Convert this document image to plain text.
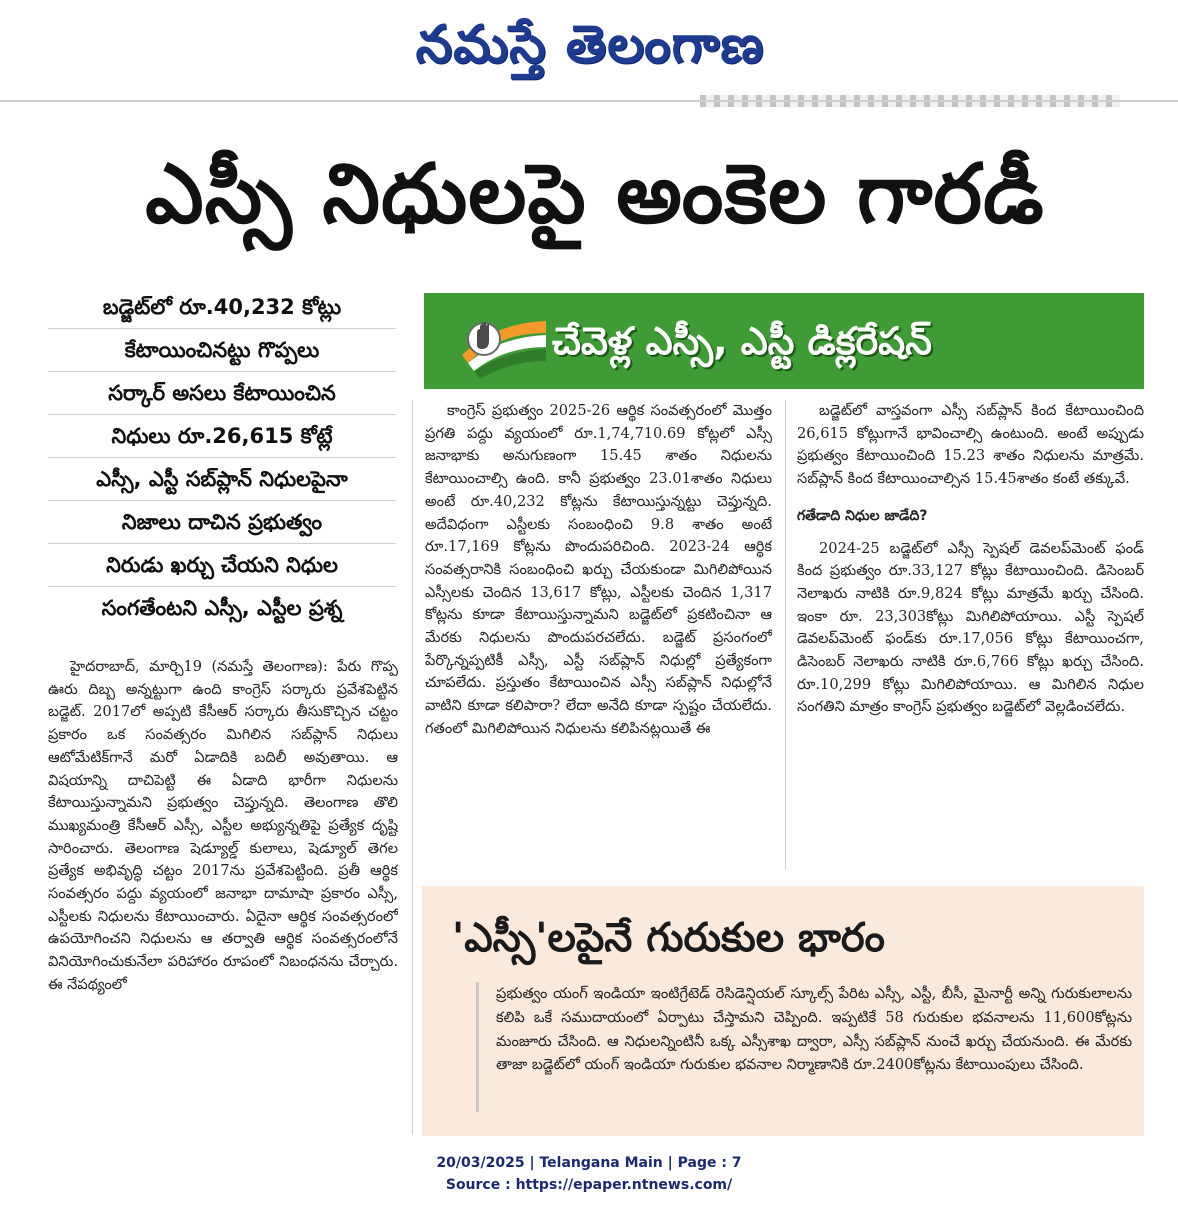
నమస్తే తెలంగాణ
ఎస్సీ నిధులపై అంకెల గారడీ
బడ్జెట్‌లో రూ.40,232 కోట్లు
కేటాయించినట్టు గొప్పలు
సర్కార్ అసలు కేటాయించిన
నిధులు రూ.26,615 కోట్లే
ఎస్సీ, ఎస్టీ సబ్‌ప్లాన్ నిధులపైనా
నిజాలు దాచిన ప్రభుత్వం
నిరుడు ఖర్చు చేయని నిధుల
సంగతేంటని ఎస్సీ, ఎస్టీల ప్రశ్న
చేవెళ్ల ఎస్సీ, ఎస్టీ డిక్లరేషన్

హైదరాబాద్, మార్చి19 (నమస్తే తెలంగాణ): పేరు గొప్ప ఊరు దిబ్బ అన్నట్టుగా ఉంది కాంగ్రెస్ సర్కారు ప్రవేశపెట్టిన బడ్జెట్. 2017లో అప్పటి కేసీఆర్ సర్కారు తీసుకొచ్చిన చట్టం ప్రకారం ఒక సంవత్సరం మిగిలిన సబ్‌ప్లాన్ నిధులు ఆటోమేటిక్‌గానే మరో ఏడాదికి బదిలీ అవుతాయి. ఆ విషయాన్ని దాచిపెట్టి ఈ ఏడాది భారీగా నిధులను కేటాయిస్తున్నామని ప్రభుత్వం చెప్తున్నది. తెలంగాణ తొలి ముఖ్యమంత్రి కేసీఆర్ ఎస్సీ, ఎస్టీల అభ్యున్నతిపై ప్రత్యేక దృష్టి సారించారు. తెలంగాణ షెడ్యూల్డ్ కులాలు, షెడ్యూల్ తెగల ప్రత్యేక అభివృద్ధి చట్టం 2017ను ప్రవేశపెట్టింది. ప్రతీ ఆర్థిక సంవత్సరం పద్దు వ్యయంలో జనాభా దామాషా ప్రకారం ఎస్సీ, ఎస్టీలకు నిధులను కేటాయించారు. ఏదైనా ఆర్థిక సంవత్సరంలో ఉపయోగించని నిధులను ఆ తర్వాతి ఆర్థిక సంవత్సరంలోనే వినియోగించుకునేలా పరిహారం రూపంలో నిబంధనను చేర్చారు. ఈ నేపథ్యంలో

కాంగ్రెస్ ప్రభుత్వం 2025-26 ఆర్థిక సంవత్సరంలో మొత్తం ప్రగతి పద్దు వ్యయంలో రూ.1,74,710.69 కోట్లలో ఎస్సీ జనాభాకు అనుగుణంగా 15.45 శాతం నిధులను కేటాయించాల్సి ఉంది. కానీ ప్రభుత్వం 23.01శాతం నిధులు అంటే రూ.40,232 కోట్లను కేటాయిస్తున్నట్టు చెప్తున్నది. అదేవిధంగా ఎస్టీలకు సంబంధించి 9.8 శాతం అంటే రూ.17,169 కోట్లను పొందుపరిచింది. 2023-24 ఆర్థిక సంవత్సరానికి సంబంధించి ఖర్చు చేయకుండా మిగిలిపోయిన ఎస్సీలకు చెందిన 13,617 కోట్లు, ఎస్టీలకు చెందిన 1,317 కోట్లను కూడా కేటాయిస్తున్నామని బడ్జెట్‌లో ప్రకటించినా ఆ మేరకు నిధులను పొందుపరచలేదు. బడ్జెట్ ప్రసంగంలో పేర్కొన్నప్పటికీ ఎస్సీ, ఎస్టీ సబ్‌ప్లాన్ నిధుల్లో ప్రత్యేకంగా చూపలేదు. ప్రస్తుతం కేటాయించిన ఎస్సీ సబ్‌ప్లాన్ నిధుల్లోనే వాటిని కూడా కలిపారా? లేదా అనేది కూడా స్పష్టం చేయలేదు. గతంలో మిగిలిపోయిన నిధులను కలిపినట్లయితే ఈ

బడ్జెట్‌లో వాస్తవంగా ఎస్సీ సబ్‌ప్లాన్ కింద కేటాయించింది 26,615 కోట్లుగానే భావించాల్సి ఉంటుంది. అంటే అప్పుడు ప్రభుత్వం కేటాయించింది 15.23 శాతం నిధులను మాత్రమే. సబ్‌ప్లాన్ కింద కేటాయించాల్సిన 15.45శాతం కంటే తక్కువే.

గతేడాది నిధుల జాడేది?

2024-25 బడ్జెట్‌లో ఎస్సీ స్పెషల్ డెవలప్‌మెంట్ ఫండ్ కింద ప్రభుత్వం రూ.33,127 కోట్లు కేటాయించింది. డిసెంబర్ నెలాఖరు నాటికి రూ.9,824 కోట్లు మాత్రమే ఖర్చు చేసింది. ఇంకా రూ. 23,303కోట్లు మిగిలిపోయాయి. ఎస్టీ స్పెషల్ డెవలప్‌మెంట్ ఫండ్‌కు రూ.17,056 కోట్లు కేటాయించగా, డిసెంబర్ నెలాఖరు నాటికి రూ.6,766 కోట్లు ఖర్చు చేసింది. రూ.10,299 కోట్లు మిగిలిపోయాయి. ఆ మిగిలిన నిధుల సంగతిని మాత్రం కాంగ్రెస్ ప్రభుత్వం బడ్జెట్‌లో వెల్లడించలేదు.

'ఎస్సీ'లపైనే గురుకుల భారం
ప్రభుత్వం యంగ్ ఇండియా ఇంటిగ్రేటెడ్ రెసిడెన్షియల్ స్కూల్స్ పేరిట ఎస్సీ, ఎస్టీ, బీసీ, మైనార్టీ అన్ని గురుకులాలను కలిపి ఒకే సముదాయంలో ఏర్పాటు చేస్తామని చెప్పింది. ఇప్పటికే 58 గురుకుల భవనాలను 11,600కోట్లను మంజూరు చేసింది. ఆ నిధులన్నింటినీ ఒక్క ఎస్సీశాఖ ద్వారా, ఎస్సీ సబ్‌ప్లాన్ నుంచే ఖర్చు చేయనుంది. ఈ మేరకు తాజా బడ్జెట్‌లో యంగ్ ఇండియా గురుకుల భవనాల నిర్మాణానికి రూ.2400కోట్లను కేటాయింపులు చేసింది.
20/03/2025 | Telangana Main | Page : 7
Source : https://epaper.ntnews.com/
